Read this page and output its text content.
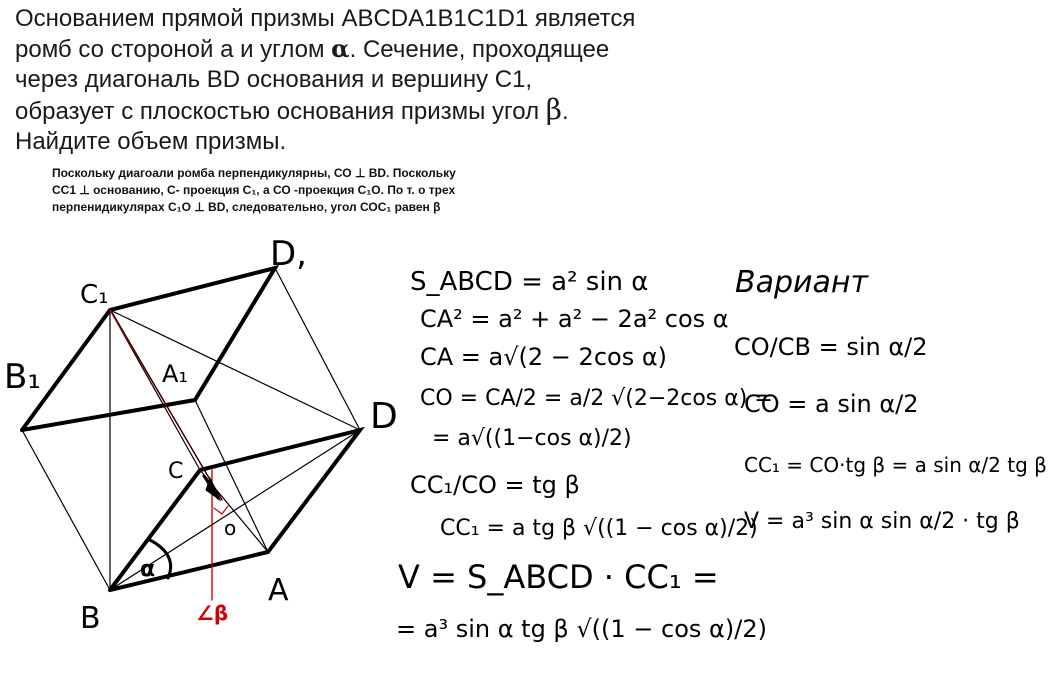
Основанием прямой призмы ABCDA1B1C1D1 является
ромб со стороной а и углом α. Сечение, проходящее
через диагональ BD основания и вершину С1,
образует с плоскостью основания призмы угол β.
Найдите объем призмы.
Поскольку диагоали ромба перпендикулярны, СО ⊥ BD. Поскольку
СС1 ⊥ основанию, С- проекция С₁, а СО -проекция С₁О. По т. о трех
перпенидикулярах С₁О ⊥ BD, следовательно, угол СОС₁ равен β
C₁
D,
B₁	A₁
C
D
o
α
B
A
∠β
S_ABCD = a² sin α
CA² = a² + a² − 2a² cos α
CA = a√(2 − 2cos α)
CO = CA/2 = a/2 √(2−2cos α) =
= a√((1−cos α)/2)
CC₁/CO = tg β
CC₁ = a tg β √((1 − cos α)/2)
V = S_ABCD · CC₁ =
= a³ sin α tg β √((1 − cos α)/2)
Вариант
CO/CB = sin α/2
CO = a sin α/2
CC₁ = CO·tg β = a sin α/2 tg β
V = a³ sin α sin α/2 · tg β
